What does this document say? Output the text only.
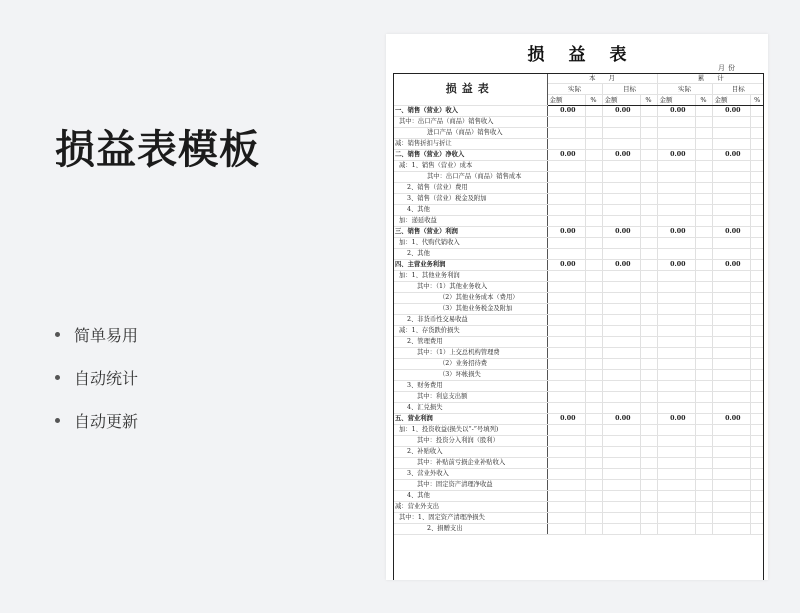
损益表模板
简单易用
自动统计
自动更新
损益表
月份
损益表	本　　月				累　　计			
	实际		目标		实际		目标	
	金额	%	金额	%	金额	%	金额	%
一、销售（营业）收入	0.00		0.00		0.00		0.00	
其中：出口产品（商品）销售收入								
进口产品（商品）销售收入								
减：销售折扣与折让								
二、销售（营业）净收入	0.00		0.00		0.00		0.00	
减：1、销售（营业）成本								
其中：出口产品（商品）销售成本								
2、销售（营业）费用								
3、销售（营业）税金及附加								
4、其他								
加：递延收益								
三、销售（营业）利润	0.00		0.00		0.00		0.00	
加：1、代购代销收入								
2、其他								
四、主营业务利润	0.00		0.00		0.00		0.00	
加：1、其他业务利润								
其中：（1）其他业务收入								
（2）其他业务成本（费用）								
（3）其他业务税金及附加								
2、非货币性交易收益								
减：1、存货跌价损失								
2、管理费用								
其中：（1）上交总机构管理费								
（2）业务招待费								
（3）坏帐损失								
3、财务费用								
其中：利息支出额								
4、汇兑损失								
五、营业利润	0.00		0.00		0.00		0.00	
加：1、投资收益(损失以“-”号填列)								
其中：投资分入利润（股利）								
2、补贴收入								
其中：补贴前亏损企业补贴收入								
3、营业外收入								
其中：固定资产清理净收益								
4、其他								
减：营业外支出								
其中：1、固定资产清理净损失								
2、捐赠支出								
